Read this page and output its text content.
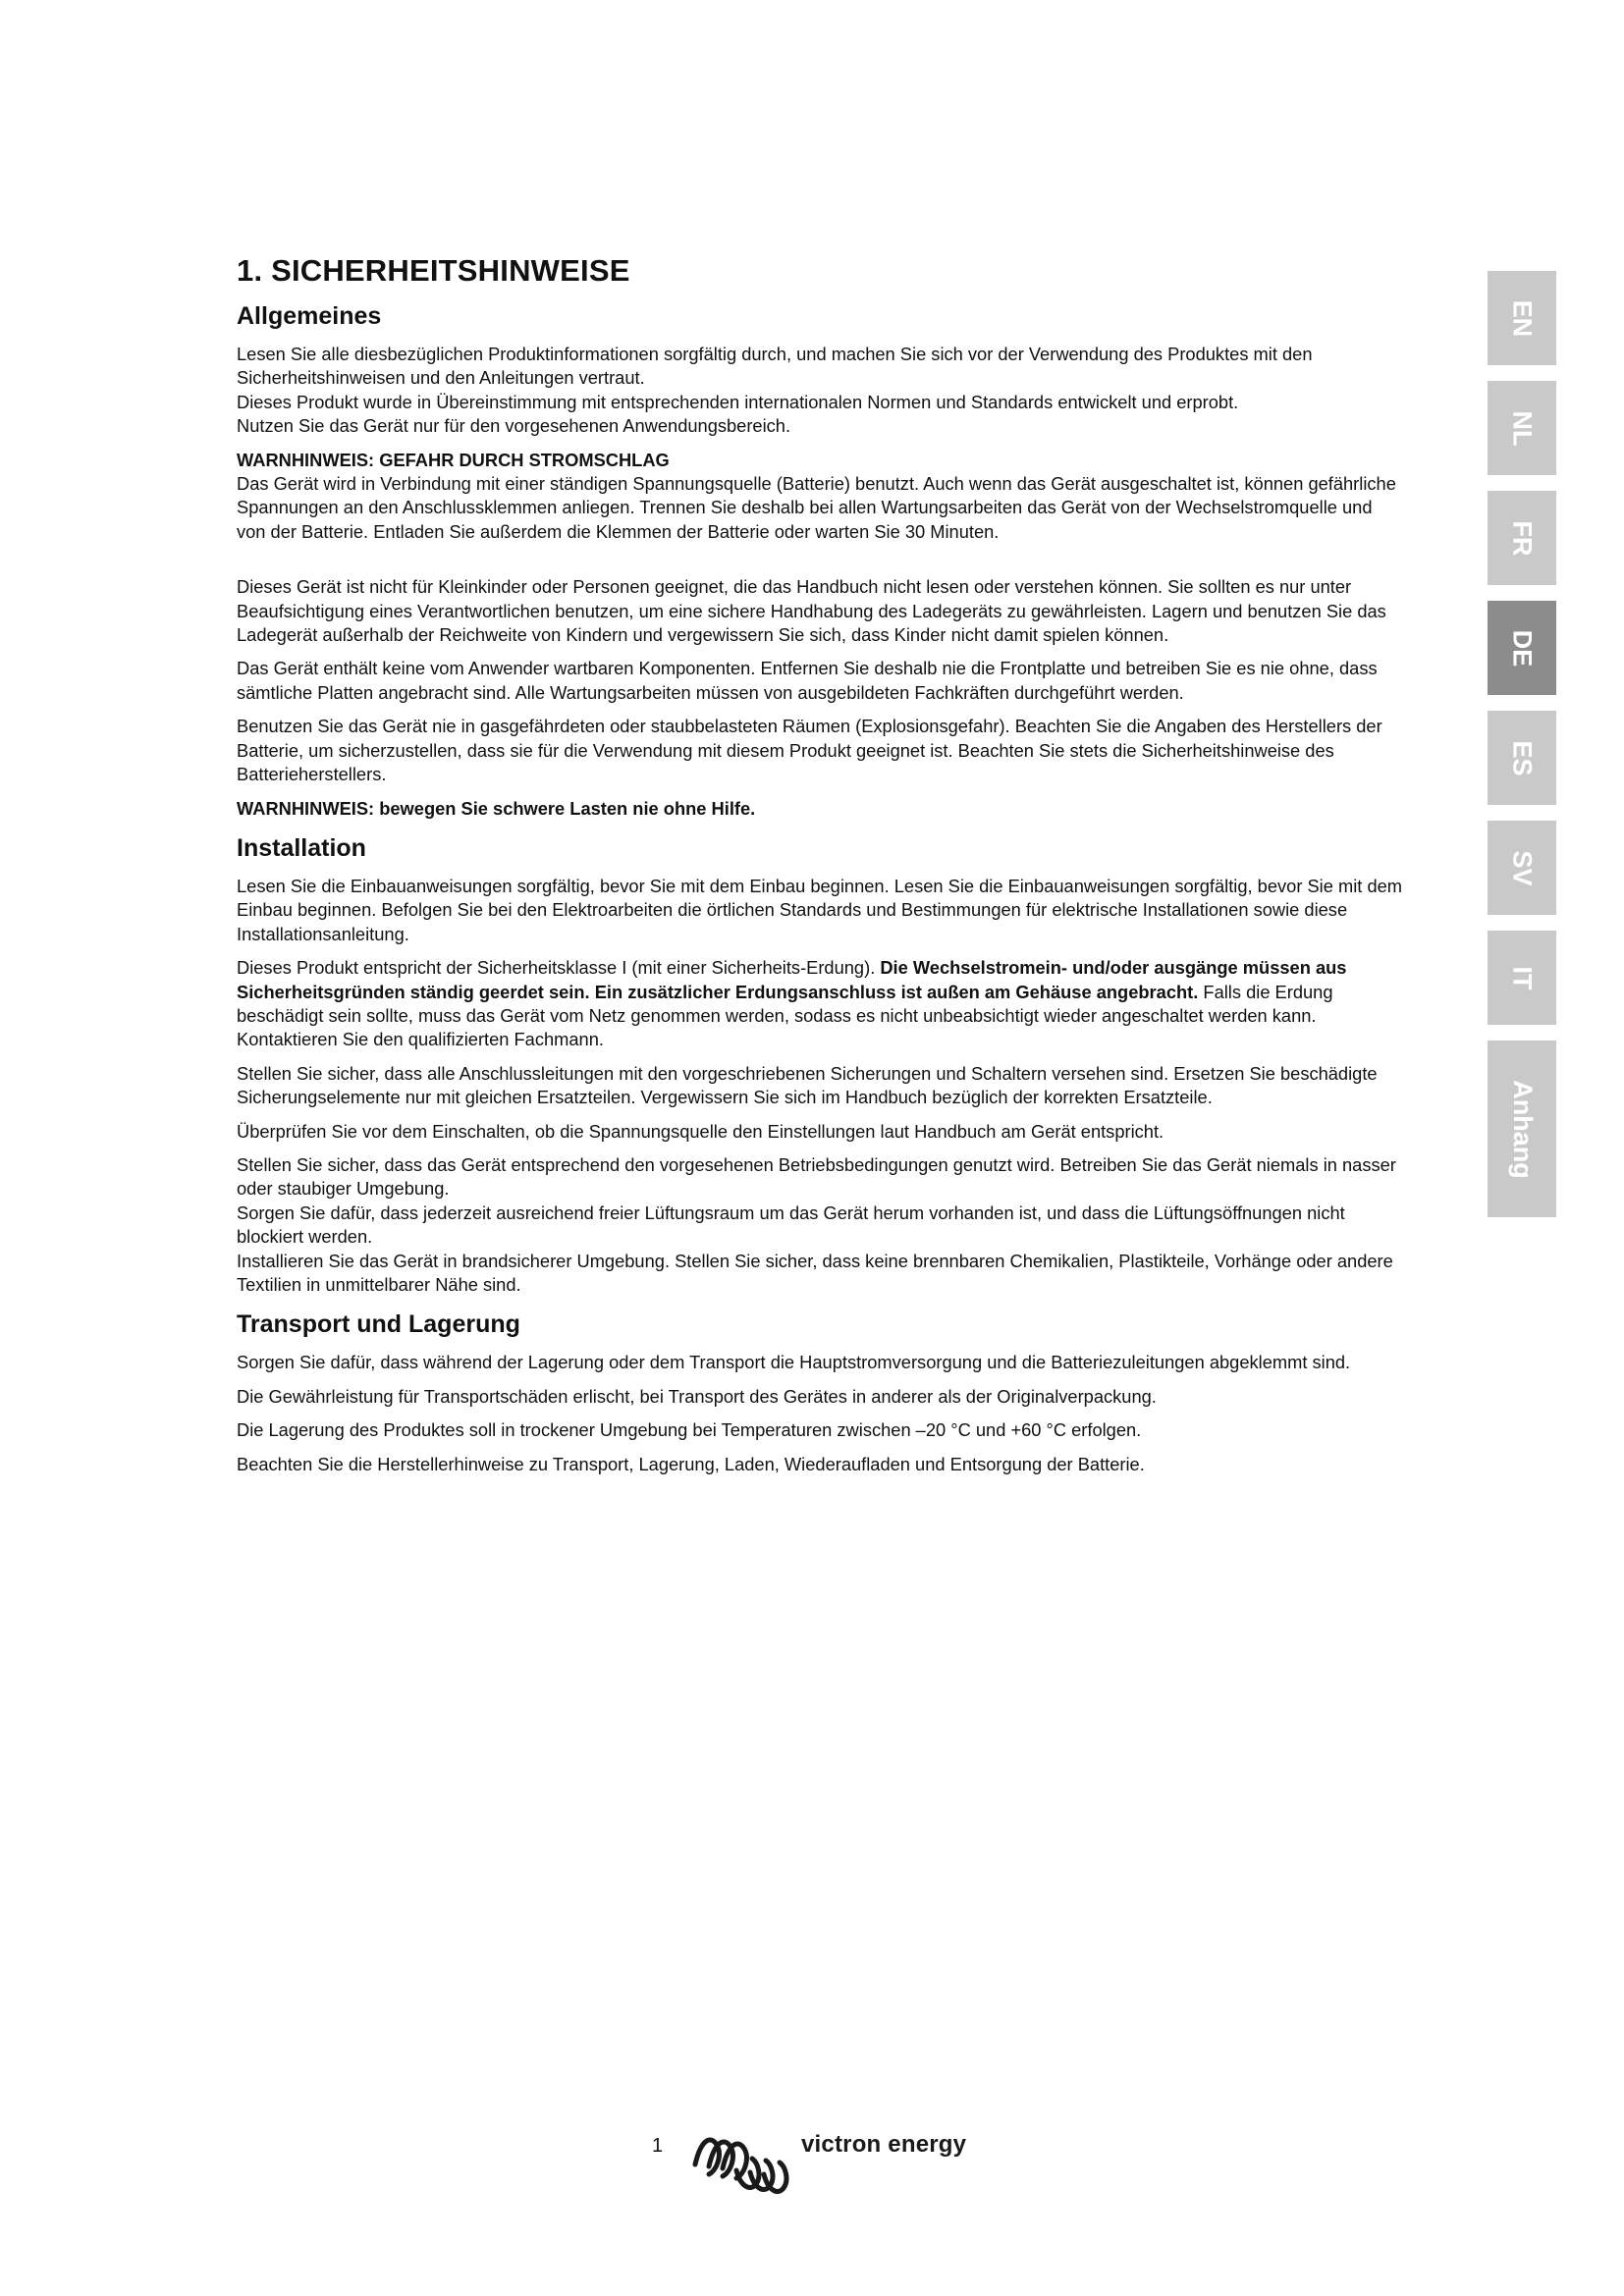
1. SICHERHEITSHINWEISE
Allgemeines

Lesen Sie alle diesbezüglichen Produktinformationen sorgfältig durch, und machen Sie sich vor der Verwendung des Produktes mit den Sicherheitshinweisen und den Anleitungen vertraut.
Dieses Produkt wurde in Übereinstimmung mit entsprechenden internationalen Normen und Standards entwickelt und erprobt.
Nutzen Sie das Gerät nur für den vorgesehenen Anwendungsbereich.

WARNHINWEIS: GEFAHR DURCH STROMSCHLAG
Das Gerät wird in Verbindung mit einer ständigen Spannungsquelle (Batterie) benutzt. Auch wenn das Gerät ausgeschaltet ist, können gefährliche Spannungen an den Anschlussklemmen anliegen. Trennen Sie deshalb bei allen Wartungsarbeiten das Gerät von der Wechselstromquelle und von der Batterie. Entladen Sie außerdem die Klemmen der Batterie oder warten Sie 30 Minuten.

Dieses Gerät ist nicht für Kleinkinder oder Personen geeignet, die das Handbuch nicht lesen oder verstehen können. Sie sollten es nur unter Beaufsichtigung eines Verantwortlichen benutzen, um eine sichere Handhabung des Ladegeräts zu gewährleisten. Lagern und benutzen Sie das Ladegerät außerhalb der Reichweite von Kindern und vergewissern Sie sich, dass Kinder nicht damit spielen können.

Das Gerät enthält keine vom Anwender wartbaren Komponenten. Entfernen Sie deshalb nie die Frontplatte und betreiben Sie es nie ohne, dass sämtliche Platten angebracht sind. Alle Wartungsarbeiten müssen von ausgebildeten Fachkräften durchgeführt werden.

Benutzen Sie das Gerät nie in gasgefährdeten oder staubbelasteten Räumen (Explosionsgefahr). Beachten Sie die Angaben des Herstellers der Batterie, um sicherzustellen, dass sie für die Verwendung mit diesem Produkt geeignet ist. Beachten Sie stets die Sicherheitshinweise des Batterieherstellers.

WARNHINWEIS: bewegen Sie schwere Lasten nie ohne Hilfe.

Installation

Lesen Sie die Einbauanweisungen sorgfältig, bevor Sie mit dem Einbau beginnen. Lesen Sie die Einbauanweisungen sorgfältig, bevor Sie mit dem Einbau beginnen. Befolgen Sie bei den Elektroarbeiten die örtlichen Standards und Bestimmungen für elektrische Installationen sowie diese Installationsanleitung.

Dieses Produkt entspricht der Sicherheitsklasse I (mit einer Sicherheits-Erdung). Die Wechselstromein- und/oder ausgänge müssen aus Sicherheitsgründen ständig geerdet sein. Ein zusätzlicher Erdungsanschluss ist außen am Gehäuse angebracht. Falls die Erdung beschädigt sein sollte, muss das Gerät vom Netz genommen werden, sodass es nicht unbeabsichtigt wieder angeschaltet werden kann. Kontaktieren Sie den qualifizierten Fachmann.

Stellen Sie sicher, dass alle Anschlussleitungen mit den vorgeschriebenen Sicherungen und Schaltern versehen sind. Ersetzen Sie beschädigte Sicherungselemente nur mit gleichen Ersatzteilen. Vergewissern Sie sich im Handbuch bezüglich der korrekten Ersatzteile.

Überprüfen Sie vor dem Einschalten, ob die Spannungsquelle den Einstellungen laut Handbuch am Gerät entspricht.

Stellen Sie sicher, dass das Gerät entsprechend den vorgesehenen Betriebsbedingungen genutzt wird. Betreiben Sie das Gerät niemals in nasser oder staubiger Umgebung.
Sorgen Sie dafür, dass jederzeit ausreichend freier Lüftungsraum um das Gerät herum vorhanden ist, und dass die Lüftungsöffnungen nicht blockiert werden.
Installieren Sie das Gerät in brandsicherer Umgebung. Stellen Sie sicher, dass keine brennbaren Chemikalien, Plastikteile, Vorhänge oder andere Textilien in unmittelbarer Nähe sind.

Transport und Lagerung

Sorgen Sie dafür, dass während der Lagerung oder dem Transport die Hauptstromversorgung und die Batteriezuleitungen abgeklemmt sind.

Die Gewährleistung für Transportschäden erlischt, bei Transport des Gerätes in anderer als der Originalverpackung.

Die Lagerung des Produktes soll in trockener Umgebung bei Temperaturen zwischen –20 °C und +60 °C erfolgen.

Beachten Sie die Herstellerhinweise zu Transport, Lagerung, Laden, Wiederaufladen und Entsorgung der Batterie.

EN
NL
FR
DE
ES
SV
IT
Anhang
1	victron energy
